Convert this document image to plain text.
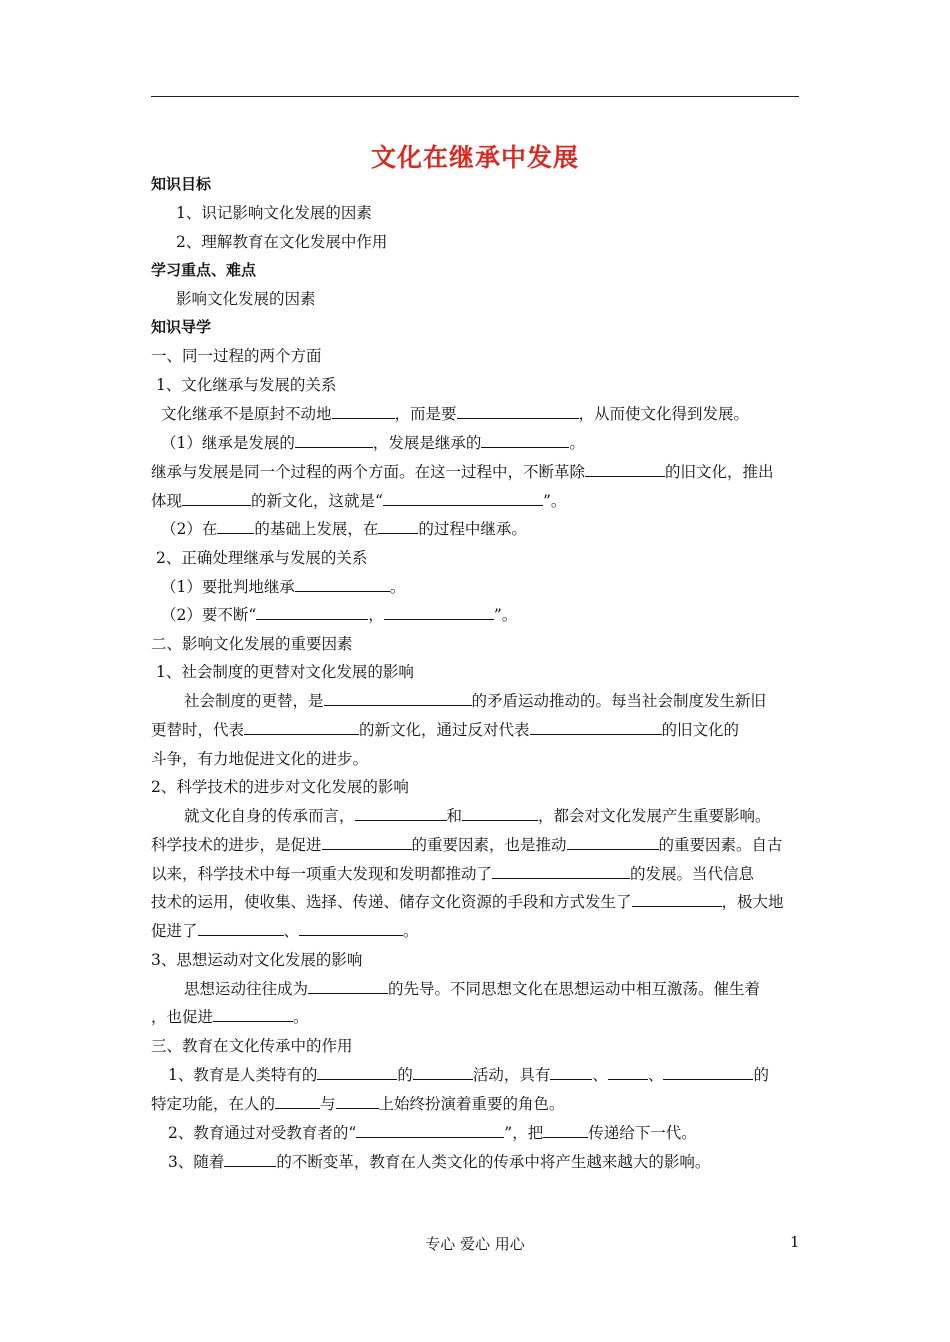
文化在继承中发展
知识目标
1、识记影响文化发展的因素
2、理解教育在文化发展中作用
学习重点、难点
影响文化发展的因素
知识导学
一、同一过程的两个方面
1、文化继承与发展的关系
文化继承不是原封不动地	，而是要	，从而使文化得到发展。
（1）继承是发展的	，发展是继承的	。
继承与发展是同一个过程的两个方面。在这一过程中，不断革除	的旧文化，推出
体现	的新文化，这就是“	”。
（2）在 的基础上发展，在	的过程中继承。
2、正确处理继承与发展的关系
（1）要批判地继承	。
（2）要不断“	，	”。
二、影响文化发展的重要因素
1、社会制度的更替对文化发展的影响
社会制度的更替，是	的矛盾运动推动的。每当社会制度发生新旧
更替时，代表	的新文化，通过反对代表	的旧文化的
斗争，有力地促进文化的进步。
2、科学技术的进步对文化发展的影响
就文化自身的传承而言，	和	，都会对文化发展产生重要影响。
科学技术的进步，是促进	的重要因素，也是推动	的重要因素。自古
以来，科学技术中每一项重大发现和发明都推动了	的发展。当代信息
技术的运用，使收集、选择、传递、储存文化资源的手段和方式发生了	，极大地
促进了	、	。
3、思想运动对文化发展的影响
思想运动往往成为	的先导。不同思想文化在思想运动中相互激荡。催生着
，也促进	。
三、教育在文化传承中的作用
1、教育是人类特有的	的	活动，具有	、	、	的
特定功能，在人的	与	上始终扮演着重要的角色。
2、教育通过对受教育者的“	”，把	传递给下一代。
3、随着	的不断变革，教育在人类文化的传承中将产生越来越大的影响。
专心 爱心 用心	1
